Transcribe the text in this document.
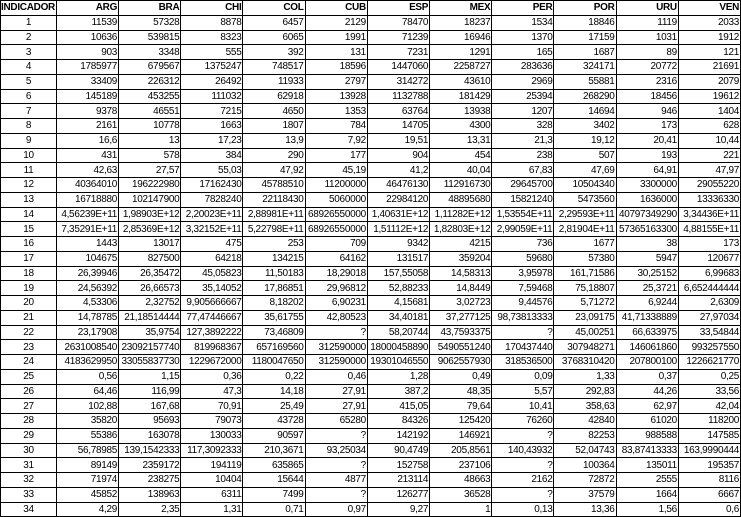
INDICADOR	ARG	BRA	CHI	COL	CUB	ESP	MEX	PER	POR	URU	VEN
1	11539	57328	8878	6457	2129	78470	18237	1534	18846	1119	2033
2	10636	539815	8323	6065	1991	71239	16946	1370	17159	1031	1912
3	903	3348	555	392	131	7231	1291	165	1687	89	121
4	1785977	679567	1375247	748517	18596	1447060	2258727	283636	324171	20772	21691
5	33409	226312	26492	11933	2797	314272	43610	2969	55881	2316	2079
6	145189	453255	111032	62918	13928	1132788	181429	25394	268290	18456	19612
7	9378	46551	7215	4650	1353	63764	13938	1207	14694	946	1404
8	2161	10778	1663	1807	784	14705	4300	328	3402	173	628
9	16,6	13	17,23	13,9	7,92	19,51	13,31	21,3	19,12	20,41	10,44
10	431	578	384	290	177	904	454	238	507	193	221
11	42,63	27,57	55,03	47,92	45,19	41,2	40,04	67,83	47,69	64,91	47,97
12	40364010	196222980	17162430	45788510	11200000	46476130	112916730	29645700	10504340	3300000	29055220
13	16718880	102147900	7828240	22118430	5060000	22984120	48895680	15821240	5473560	1636000	13336330
14	4,56239E+11	1,98903E+12	2,20023E+11	2,88981E+11	68926550000	1,40631E+12	1,11282E+12	1,53554E+11	2,29593E+11	40797349290	3,34436E+11
15	7,35291E+11	2,85369E+12	3,32152E+11	5,22798E+11	68926550000	1,51112E+12	1,82803E+12	2,99059E+11	2,81904E+11	57365163300	4,88155E+11
16	1443	13017	475	253	709	9342	4215	736	1677	38	173
17	104675	827500	64218	134215	64162	131517	359204	59680	57380	5947	120677
18	26,39946	26,35472	45,05823	11,50183	18,29018	157,55058	14,58313	3,95978	161,71586	30,25152	6,99683
19	24,56392	26,66573	35,14052	17,86851	29,96812	52,88233	14,8449	7,59468	75,18807	25,3721	6,652444444
20	4,53306	2,32752	9,905666667	8,18202	6,90231	4,15681	3,02723	9,44576	5,71272	6,9244	2,6309
21	14,78785	21,18514444	77,47446667	35,61755	42,80523	34,40181	37,277125	98,73813333	23,09175	41,71338889	27,97034
22	23,17908	35,9754	127,3892222	73,46809	?	58,20744	43,7593375	?	45,00251	66,633975	33,54844
23	2631008540	23092157740	819968367	657169560	312590000	18000458890	5490551240	170437440	307948271	146061860	993257550
24	4183629950	33055837730	1229672000	1180047650	312590000	19301046550	9062557930	318536500	3768310420	207800100	1226621770
25	0,56	1,15	0,36	0,22	0,46	1,28	0,49	0,09	1,33	0,37	0,25
26	64,46	116,99	47,3	14,18	27,91	387,2	48,35	5,57	292,83	44,26	33,56
27	102,88	167,68	70,91	25,49	27,91	415,05	79,64	10,41	358,63	62,97	42,04
28	35820	95693	79073	43728	65280	84326	125420	76260	42840	61020	118200
29	55386	163078	130033	90597	?	142192	146921	?	82253	988588	147585
30	56,78985	139,1542333	117,3092333	210,3671	93,25034	90,4749	205,8561	140,43932	52,04743	83,87413333	163,9990444
31	89149	2359172	194119	635865	?	152758	237106	?	100364	135011	195357
32	71974	238275	10404	15644	4877	213114	48663	2162	72872	2555	8116
33	45852	138963	6311	7499	?	126277	36528	?	37579	1664	6667
34	4,29	2,35	1,31	0,71	0,97	9,27	1	0,13	13,36	1,56	0,6
